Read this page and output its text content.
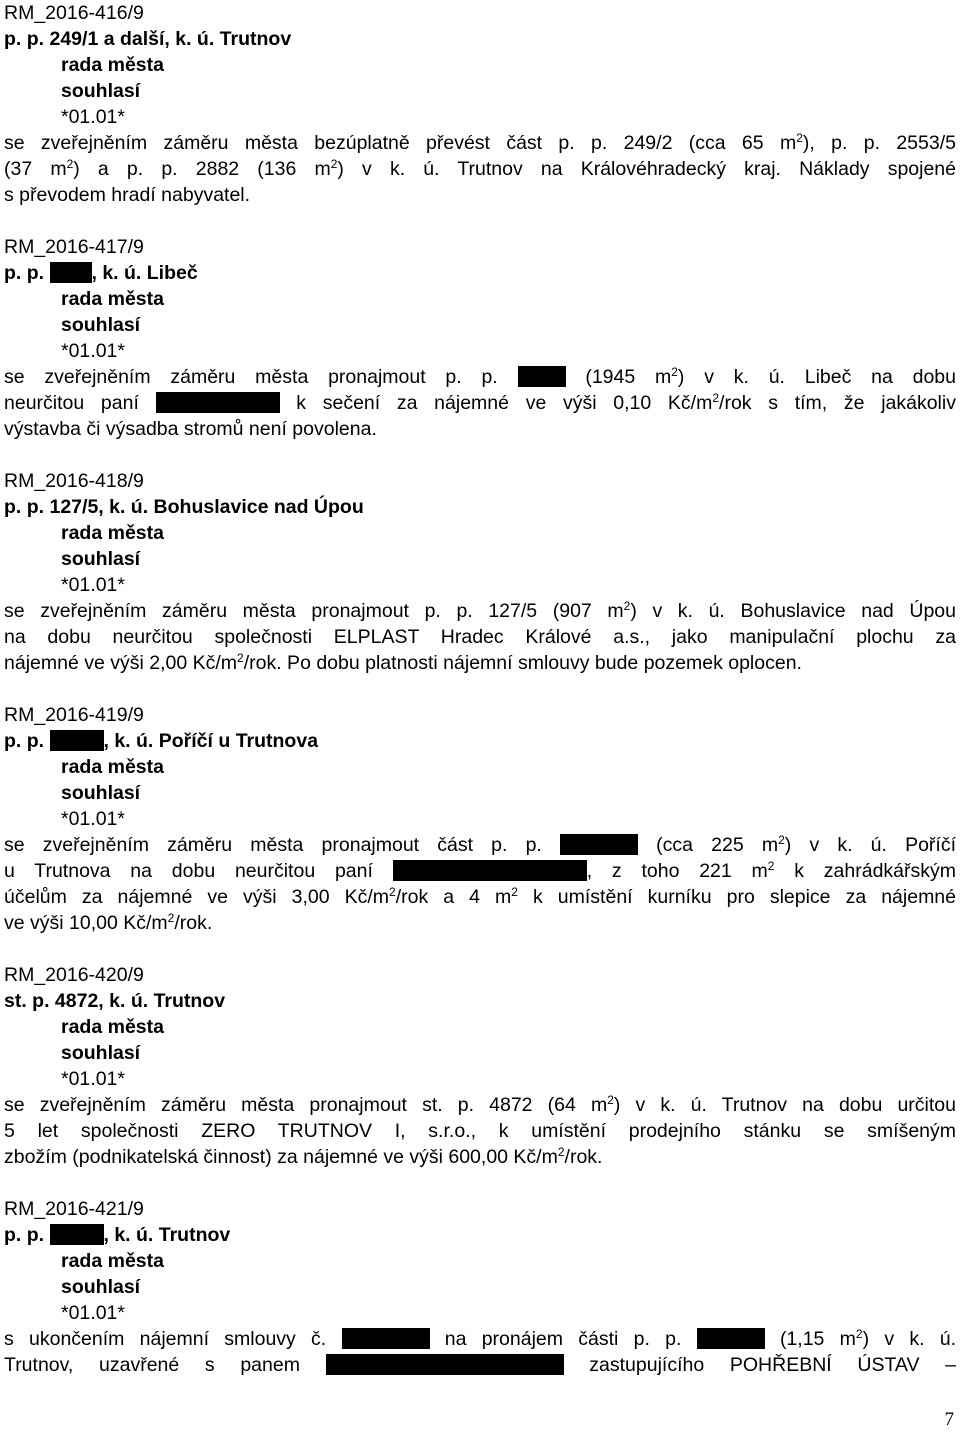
RM_2016-416/9
p. p. 249/1 a další, k. ú. Trutnov
rada města
souhlasí
*01.01*
se zveřejněním záměru města bezúplatně převést část p. p. 249/2 (cca 65 $m^2$), p. p. 2553/5
(37 $m^2$) a p. p. 2882 (136 $m^2$) v k. ú. Trutnov na Královéhradecký kraj. Náklady spojené
s převodem hradí nabyvatel.
RM_2016-417/9
p. p. , k. ú. Libeč
rada města
souhlasí
*01.01*
se zveřejněním záměru města pronajmout p. p.	(1945 $m^2$) v k. ú. Libeč na dobu
neurčitou paní	k sečení za nájemné ve výši 0,10 $Kč/m^2$/rok s tím, že jakákoliv
výstavba či výsadba stromů není povolena.
RM_2016-418/9
p. p. 127/5, k. ú. Bohuslavice nad Úpou
rada města
souhlasí
*01.01*
se zveřejněním záměru města pronajmout p. p. 127/5 (907 $m^2$) v k. ú. Bohuslavice nad Úpou
na dobu neurčitou společnosti ELPLAST Hradec Králové a.s., jako manipulační plochu za
nájemné ve výši 2,00 $Kč/m^2$/rok. Po dobu platnosti nájemní smlouvy bude pozemek oplocen.
RM_2016-419/9
p. p.	, k. ú. Poříčí u Trutnova
rada města
souhlasí
*01.01*
se zveřejněním záměru města pronajmout část p. p.	(cca 225 $m^2$) v k. ú. Poříčí
u Trutnova na dobu neurčitou paní	, z toho 221 $m^2$ k zahrádkářským
účelům za nájemné ve výši 3,00 $Kč/m^2$/rok a 4 $m^2$ k umístění kurníku pro slepice za nájemné
ve výši 10,00 $Kč/m^2$/rok.
RM_2016-420/9
st. p. 4872, k. ú. Trutnov
rada města
souhlasí
*01.01*
se zveřejněním záměru města pronajmout st. p. 4872 (64 $m^2$) v k. ú. Trutnov na dobu určitou
5 let společnosti ZERO TRUTNOV I, s.r.o., k umístění prodejního stánku se smíšeným
zbožím (podnikatelská činnost) za nájemné ve výši 600,00 $Kč/m^2$/rok.
RM_2016-421/9
p. p.	, k. ú. Trutnov
rada města
souhlasí
*01.01*
s ukončením nájemní smlouvy č.	na pronájem části p. p.	(1,15 $m^2$) v k. ú.
Trutnov, uzavřené s panem	zastupujícího POHŘEBNÍ ÚSTAV –
7
